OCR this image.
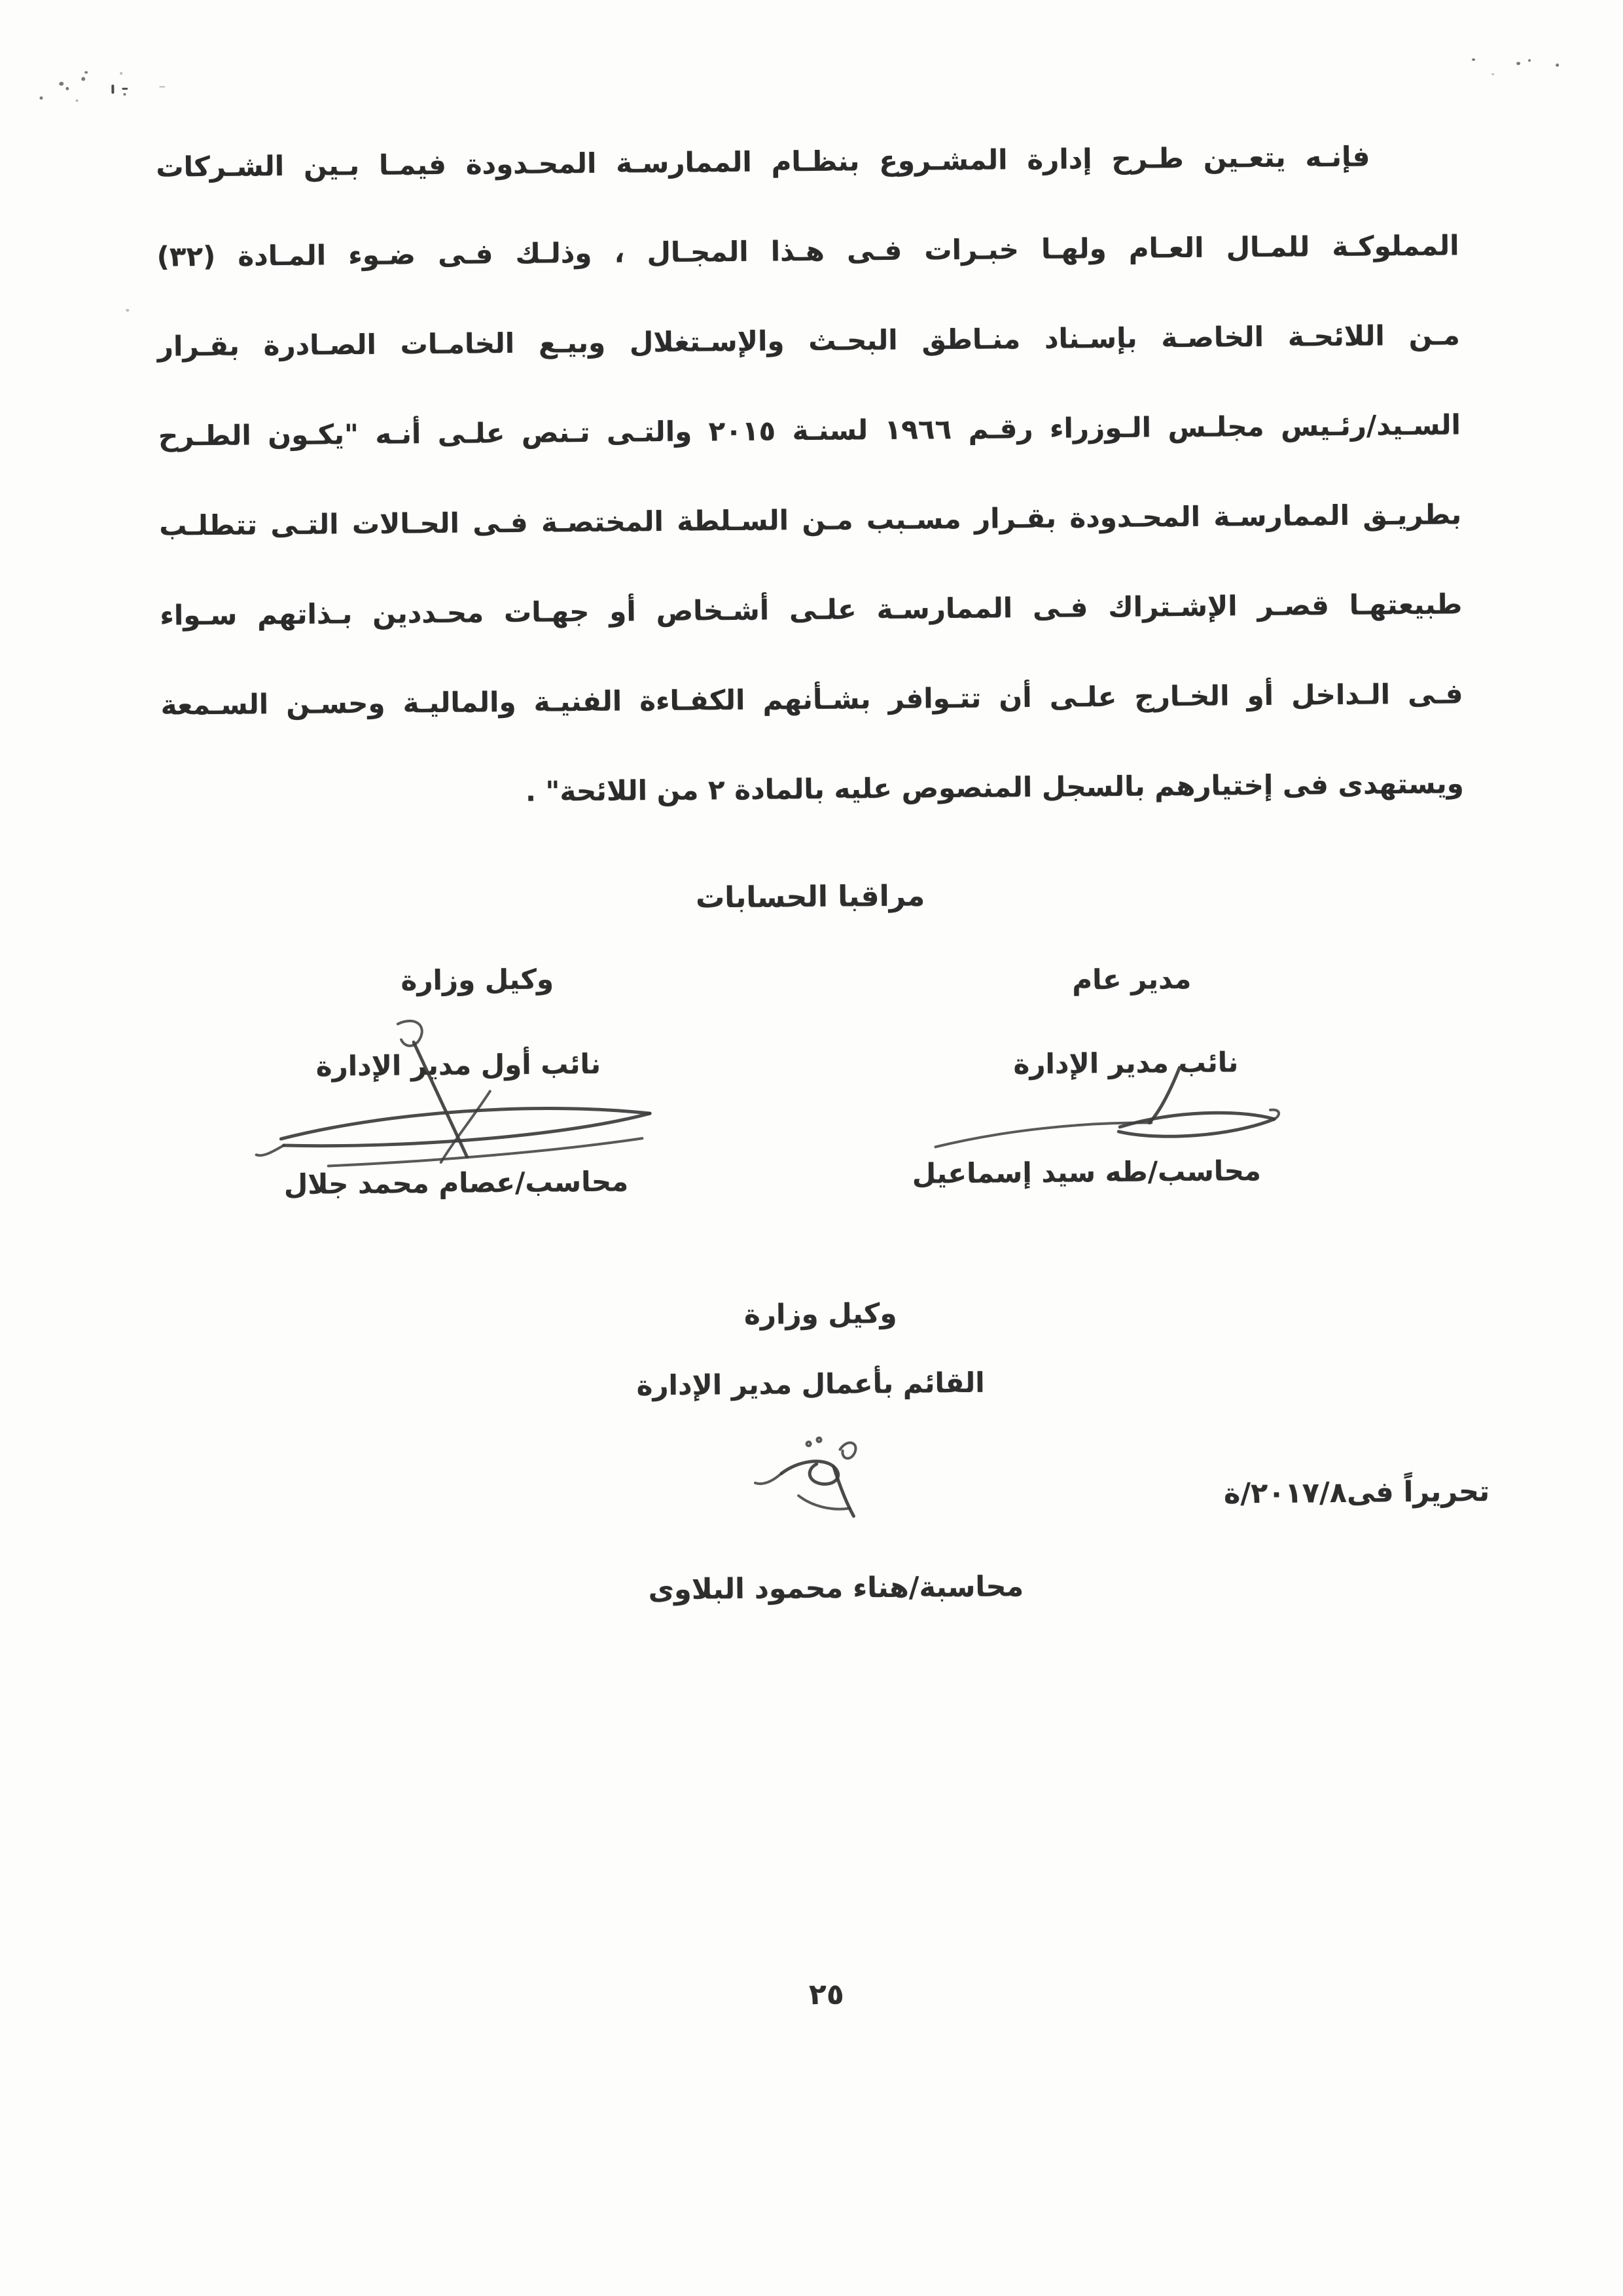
فإنـه يتعـين طـرح إدارة المشـروع بنظـام الممارسـة المحـدودة فيمـا بـين الشـركات
المملوكـة للمـال العـام ولهـا خبـرات فـى هـذا المجـال ، وذلـك فـى ضـوء المـادة (٣٢)
مـن اللائحـة الخاصـة بإسـناد منـاطق البحـث والإسـتغلال وبيـع الخامـات الصـادرة بقـرار
السـيد/رئـيس مجلـس الـوزراء رقـم ١٩٦٦ لسنـة ٢٠١٥ والتـى تـنص علـى أنـه "يكـون الطـرح
بطريـق الممارسـة المحـدودة بقـرار مسـبب مـن السـلطة المختصـة فـى الحـالات التـى تتطلـب
طبيعتهـا قصـر الإشـتراك فـى الممارسـة علـى أشـخاص أو جهـات محـددين بـذاتهم سـواء
فـى الـداخل أو الخـارج علـى أن تتـوافر بشـأنهم الكفـاءة الفنيـة والماليـة وحسـن السـمعة
ويستهدى فى إختيارهم بالسجل المنصوص عليه بالمادة ٢ من اللائحة" .
مراقبا الحسابات
مدير عام
نائب مدير الإدارة
محاسب/طه سيد إسماعيل
وكيل وزارة
نائب أول مدير الإدارة
محاسب/عصام محمد جلال
وكيل وزارة
القائم بأعمال مدير الإدارة
تحريراً فى٢٠١٧/٨/ة
محاسبة/هناء محمود البلاوى
٢٥
